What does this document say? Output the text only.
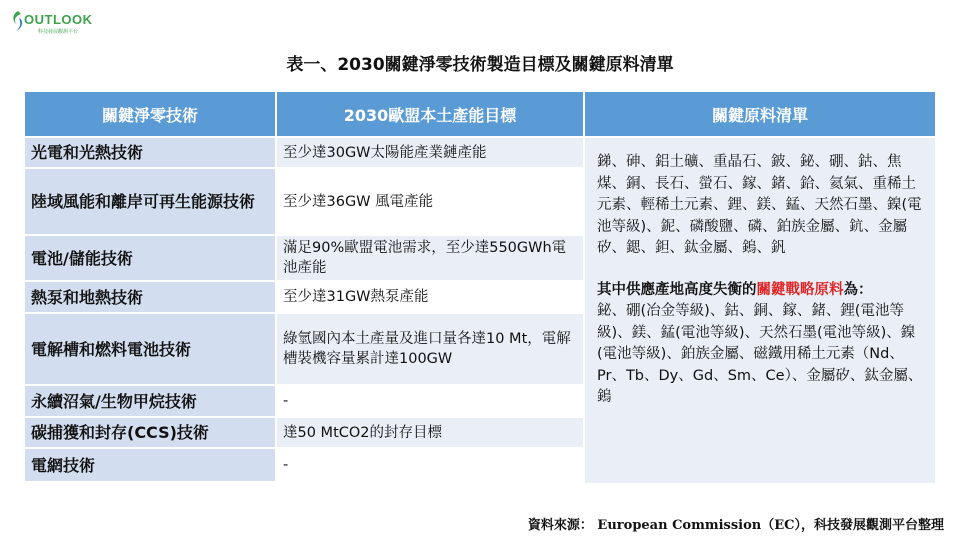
OUTLOOK
科技發展觀測平台
表一、2030關鍵淨零技術製造目標及關鍵原料清單
關鍵淨零技術	2030歐盟本土產能目標	關鍵原料清單
光電和光熱技術	至少達30GW太陽能產業鏈產能	銻、砷、鋁土礦、重晶石、鈹、鉍、硼、鈷、焦煤、銅、長石、螢石、鎵、鍺、鉿、氦氣、重稀土元素、輕稀土元素、鋰、鎂、錳、天然石墨、鎳(電池等級)、鈮、磷酸鹽、磷、鉑族金屬、鈧、金屬矽、鍶、鉭、鈦金屬、鎢、釩
其中供應產地高度失衡的關鍵戰略原料為：
鉍、硼(冶金等級)、鈷、銅、鎵、鍺、鋰(電池等級)、鎂、錳(電池等級)、天然石墨(電池等級)、鎳(電池等級)、鉑族金屬、磁鐵用稀土元素（Nd、Pr、Tb、Dy、Gd、Sm、Ce）、金屬矽、鈦金屬、鎢

陸域風能和離岸可再生能源技術	至少達36GW 風電產能	
電池/儲能技術	滿足90%歐盟電池需求，至少達550GWh電池產能	
熱泵和地熱技術	至少達31GW熱泵產能	
電解槽和燃料電池技術	綠氫國內本土產量及進口量各達10 Mt，電解槽裝機容量累計達100GW	
永續沼氣/生物甲烷技術	-	
碳捕獲和封存(CCS)技術	達50 MtCO2的封存目標	
電網技術	-	
資料來源： European Commission（EC），科技發展觀測平台整理
